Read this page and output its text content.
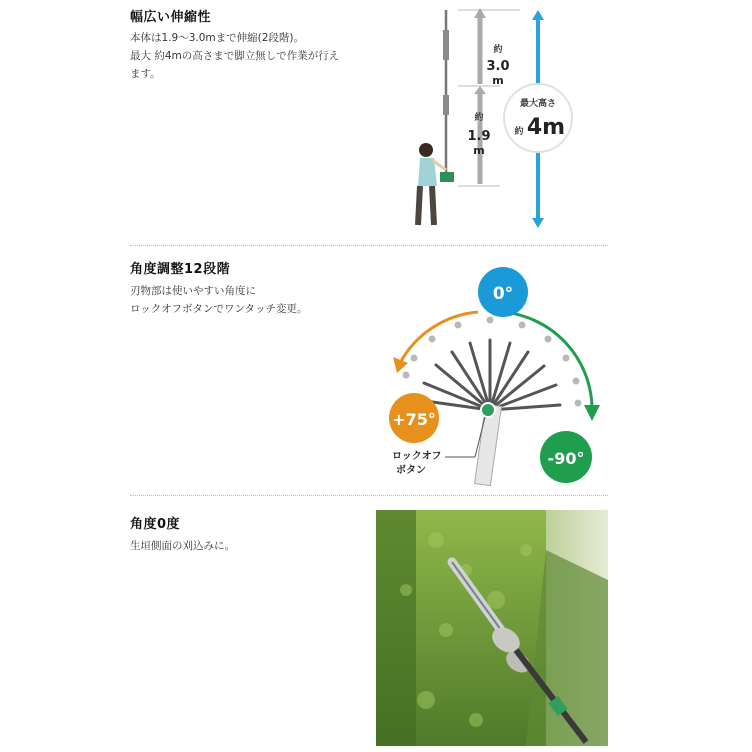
幅広い伸縮性
本体は1.9〜3.0mまで伸縮(2段階)。
最大 約4mの高さまで脚立無しで作業が行え
ます。
最大高さ
約 4m
約
3.0
m
約
1.9
m
角度調整12段階
刃物部は使いやすい角度に
ロックオフボタンでワンタッチ変更。
0°
+75°
-90°
ロックオフ
ボタン
角度0度
生垣側面の刈込みに。
